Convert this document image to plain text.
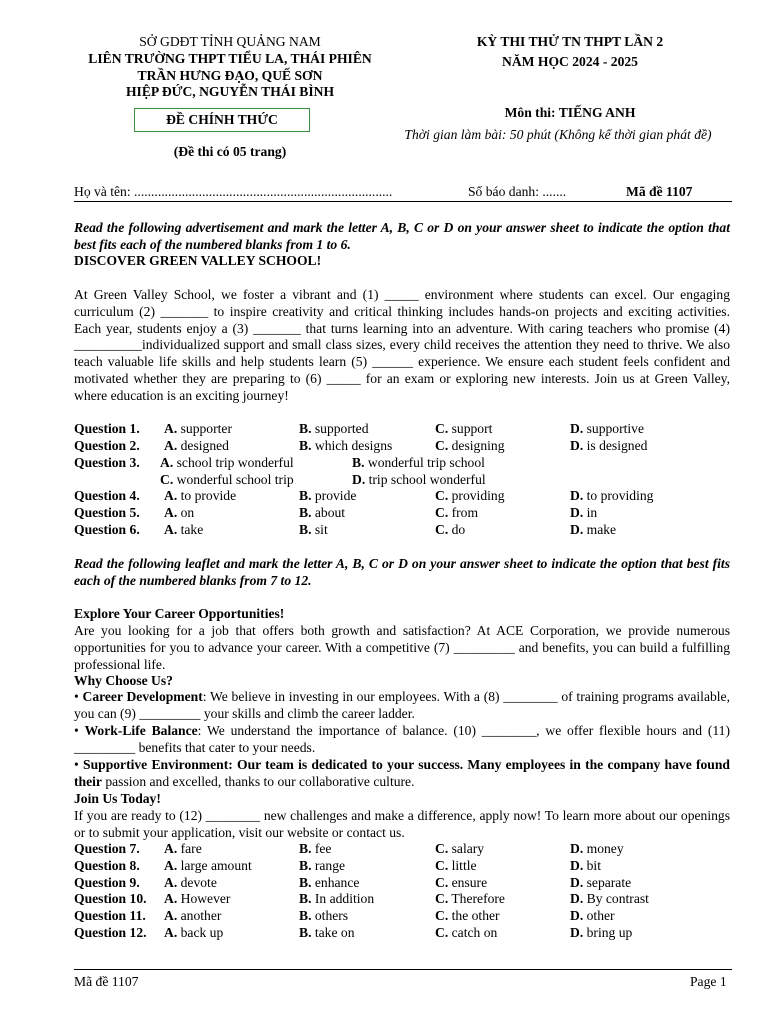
SỞ GDĐT TỈNH QUẢNG NAM
LIÊN TRƯỜNG THPT TIỂU LA, THÁI PHIÊN
TRẦN HƯNG ĐẠO, QUẾ SƠN
HIỆP ĐỨC, NGUYỄN THÁI BÌNH
ĐỀ CHÍNH THỨC
(Đề thi có 05 trang)
KỲ THI THỬ TN THPT LẦN 2
NĂM HỌC 2024 - 2025
Môn thi: TIẾNG ANH
Thời gian làm bài: 50 phút (Không kể thời gian phát đề)
Họ và tên: ............................................................................	Số báo danh: .......	Mã đề 1107
Read the following advertisement and mark the letter A, B, C or D on your answer sheet to indicate the option that best fits each of the numbered blanks from 1 to 6.
DISCOVER GREEN VALLEY SCHOOL!
At Green Valley School, we foster a vibrant and (1) _____ environment where students can excel. Our engaging curriculum (2) _______ to inspire creativity and critical thinking includes hands-on projects and exciting activities. Each year, students enjoy a (3) _______ that turns learning into an adventure. With caring teachers who promise (4) __________individualized support and small class sizes, every child receives the attention they need to thrive. We also teach valuable life skills and help students learn (5) ______ experience. We ensure each student feels confident and motivated whether they are preparing to (6) _____ for an exam or exploring new interests. Join us at Green Valley, where education is an exciting journey!
Question 1. A. supporter	B. supported	C. support	D. supportive
Question 2. A. designed	B. which designs	C. designing	D. is designed
Question 3. A. school trip wonderful	B. wonderful trip school
C. wonderful school trip	D. trip school wonderful
Question 4. A. to provide	B. provide	C. providing	D. to providing
Question 5. A. on	B. about	C. from	D. in
Question 6. A. take	B. sit	C. do	D. make
Read the following leaflet and mark the letter A, B, C or D on your answer sheet to indicate the option that best fits each of the numbered blanks from 7 to 12.
Explore Your Career Opportunities!
Are you looking for a job that offers both growth and satisfaction? At ACE Corporation, we provide numerous opportunities for you to advance your career. With a competitive (7) _________ and benefits, you can build a fulfilling professional life.
Why Choose Us?
• Career Development: We believe in investing in our employees. With a (8) ________ of training programs available, you can (9) _________ your skills and climb the career ladder.
• Work-Life Balance: We understand the importance of balance. (10) ________, we offer flexible hours and (11) _________ benefits that cater to your needs.
• Supportive Environment: Our team is dedicated to your success. Many employees in the company have found their passion and excelled, thanks to our collaborative culture.
Join Us Today!
If you are ready to (12) ________ new challenges and make a difference, apply now! To learn more about our openings or to submit your application, visit our website or contact us.
Question 7. A. fare	B. fee	C. salary	D. money
Question 8. A. large amount	B. range	C. little	D. bit
Question 9. A. devote	B. enhance	C. ensure	D. separate
Question 10. A. However	B. In addition	C. Therefore	D. By contrast
Question 11. A. another	B. others	C. the other	D. other
Question 12. A. back up	B. take on	C. catch on	D. bring up
Mã đề 1107	Page 1
